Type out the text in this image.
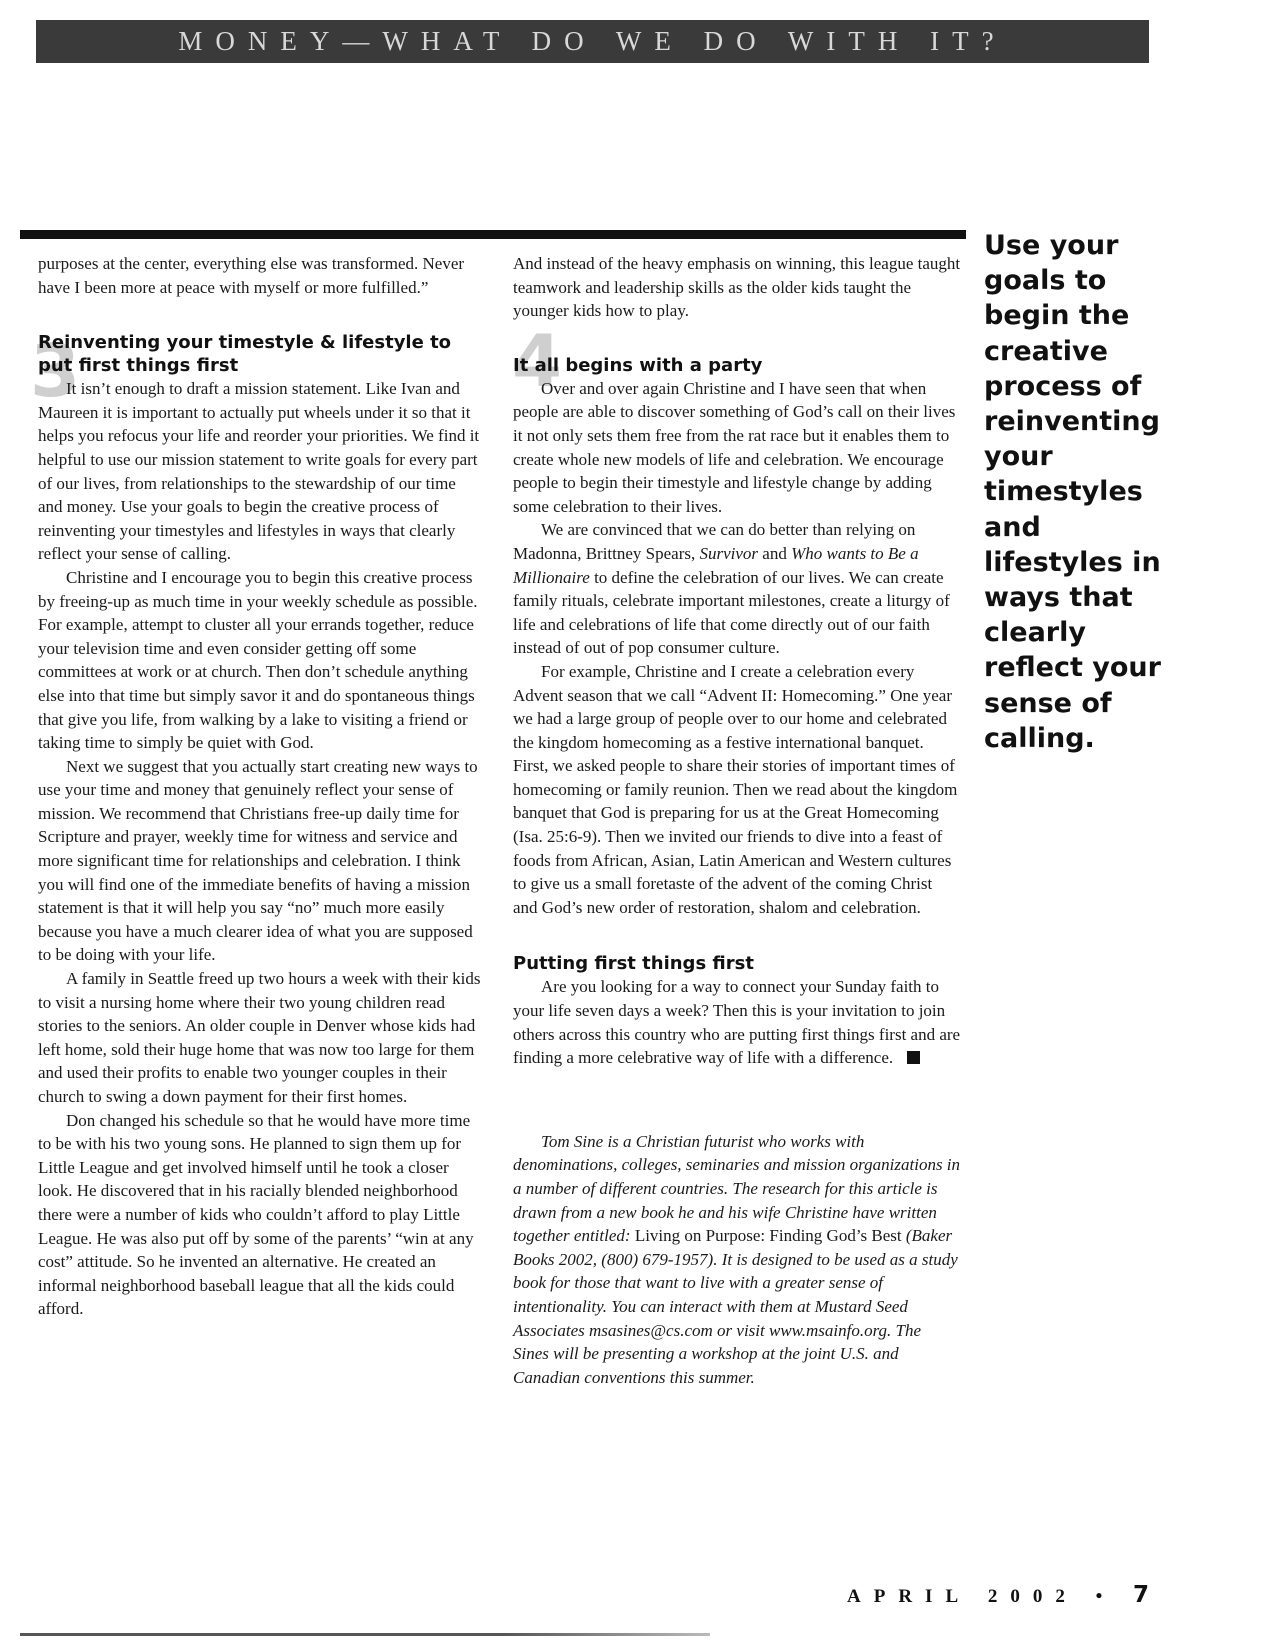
MONEY—WHAT DO WE DO WITH IT?
3	4

purposes at the center, everything else was transformed. Never have I been more at peace with myself or more fulfilled.”

Reinventing your timestyle & lifestyle to put first things first

It isn’t enough to draft a mission statement. Like Ivan and Maureen it is important to actually put wheels under it so that it helps you refocus your life and reorder your priorities. We find it helpful to use our mission statement to write goals for every part of our lives, from relationships to the stewardship of our time and money. Use your goals to begin the creative process of reinventing your timestyles and lifestyles in ways that clearly reflect your sense of calling.

Christine and I encourage you to begin this creative process by freeing-up as much time in your weekly schedule as possible. For example, attempt to cluster all your errands together, reduce your television time and even consider getting off some committees at work or at church. Then don’t schedule anything else into that time but simply savor it and do spontaneous things that give you life, from walking by a lake to visiting a friend or taking time to simply be quiet with God.

Next we suggest that you actually start creating new ways to use your time and money that genuinely reflect your sense of mission. We recommend that Christians free-up daily time for Scripture and prayer, weekly time for witness and service and more significant time for relationships and celebration. I think you will find one of the immediate benefits of having a mission statement is that it will help you say “no” much more easily because you have a much clearer idea of what you are supposed to be doing with your life.

A family in Seattle freed up two hours a week with their kids to visit a nursing home where their two young children read stories to the seniors. An older couple in Denver whose kids had left home, sold their huge home that was now too large for them and used their profits to enable two younger couples in their church to swing a down payment for their first homes.

Don changed his schedule so that he would have more time to be with his two young sons. He planned to sign them up for Little League and get involved himself until he took a closer look. He discovered that in his racially blended neighborhood there were a number of kids who couldn’t afford to play Little League. He was also put off by some of the parents’ “win at any cost” attitude. So he invented an alternative. He created an informal neighborhood baseball league that all the kids could afford.

And instead of the heavy emphasis on winning, this league taught teamwork and leadership skills as the older kids taught the younger kids how to play.

It all begins with a party

Over and over again Christine and I have seen that when people are able to discover something of God’s call on their lives it not only sets them free from the rat race but it enables them to create whole new models of life and celebration. We encourage people to begin their timestyle and lifestyle change by adding some celebration to their lives.

We are convinced that we can do better than relying on Madonna, Brittney Spears, Survivor and Who wants to Be a Millionaire to define the celebration of our lives. We can create family rituals, celebrate important milestones, create a liturgy of life and celebrations of life that come directly out of our faith instead of out of pop consumer culture.

For example, Christine and I create a celebration every Advent season that we call “Advent II: Homecoming.” One year we had a large group of people over to our home and celebrated the kingdom homecoming as a festive international banquet. First, we asked people to share their stories of important times of homecoming or family reunion. Then we read about the kingdom banquet that God is preparing for us at the Great Homecoming (Isa. 25:6-9). Then we invited our friends to dive into a feast of foods from African, Asian, Latin American and Western cultures to give us a small foretaste of the advent of the coming Christ and God’s new order of restoration, shalom and celebration.

Putting first things first

Are you looking for a way to connect your Sunday faith to your life seven days a week? Then this is your invitation to join others across this country who are putting first things first and are finding a more celebrative way of life with a difference.

Tom Sine is a Christian futurist who works with denominations, colleges, seminaries and mission organizations in a number of different countries. The research for this article is drawn from a new book he and his wife Christine have written together entitled: Living on Purpose: Finding God’s Best (Baker Books 2002, (800) 679-1957). It is designed to be used as a study book for those that want to live with a greater sense of intentionality. You can interact with them at Mustard Seed Associates msasines@cs.com or visit www.msainfo.org. The Sines will be presenting a workshop at the joint U.S. and Canadian conventions this summer.

Use your goals to begin the creative process of reinventing your timestyles and lifestyles in ways that clearly reflect your sense of calling.
APRIL 2002 • 7
